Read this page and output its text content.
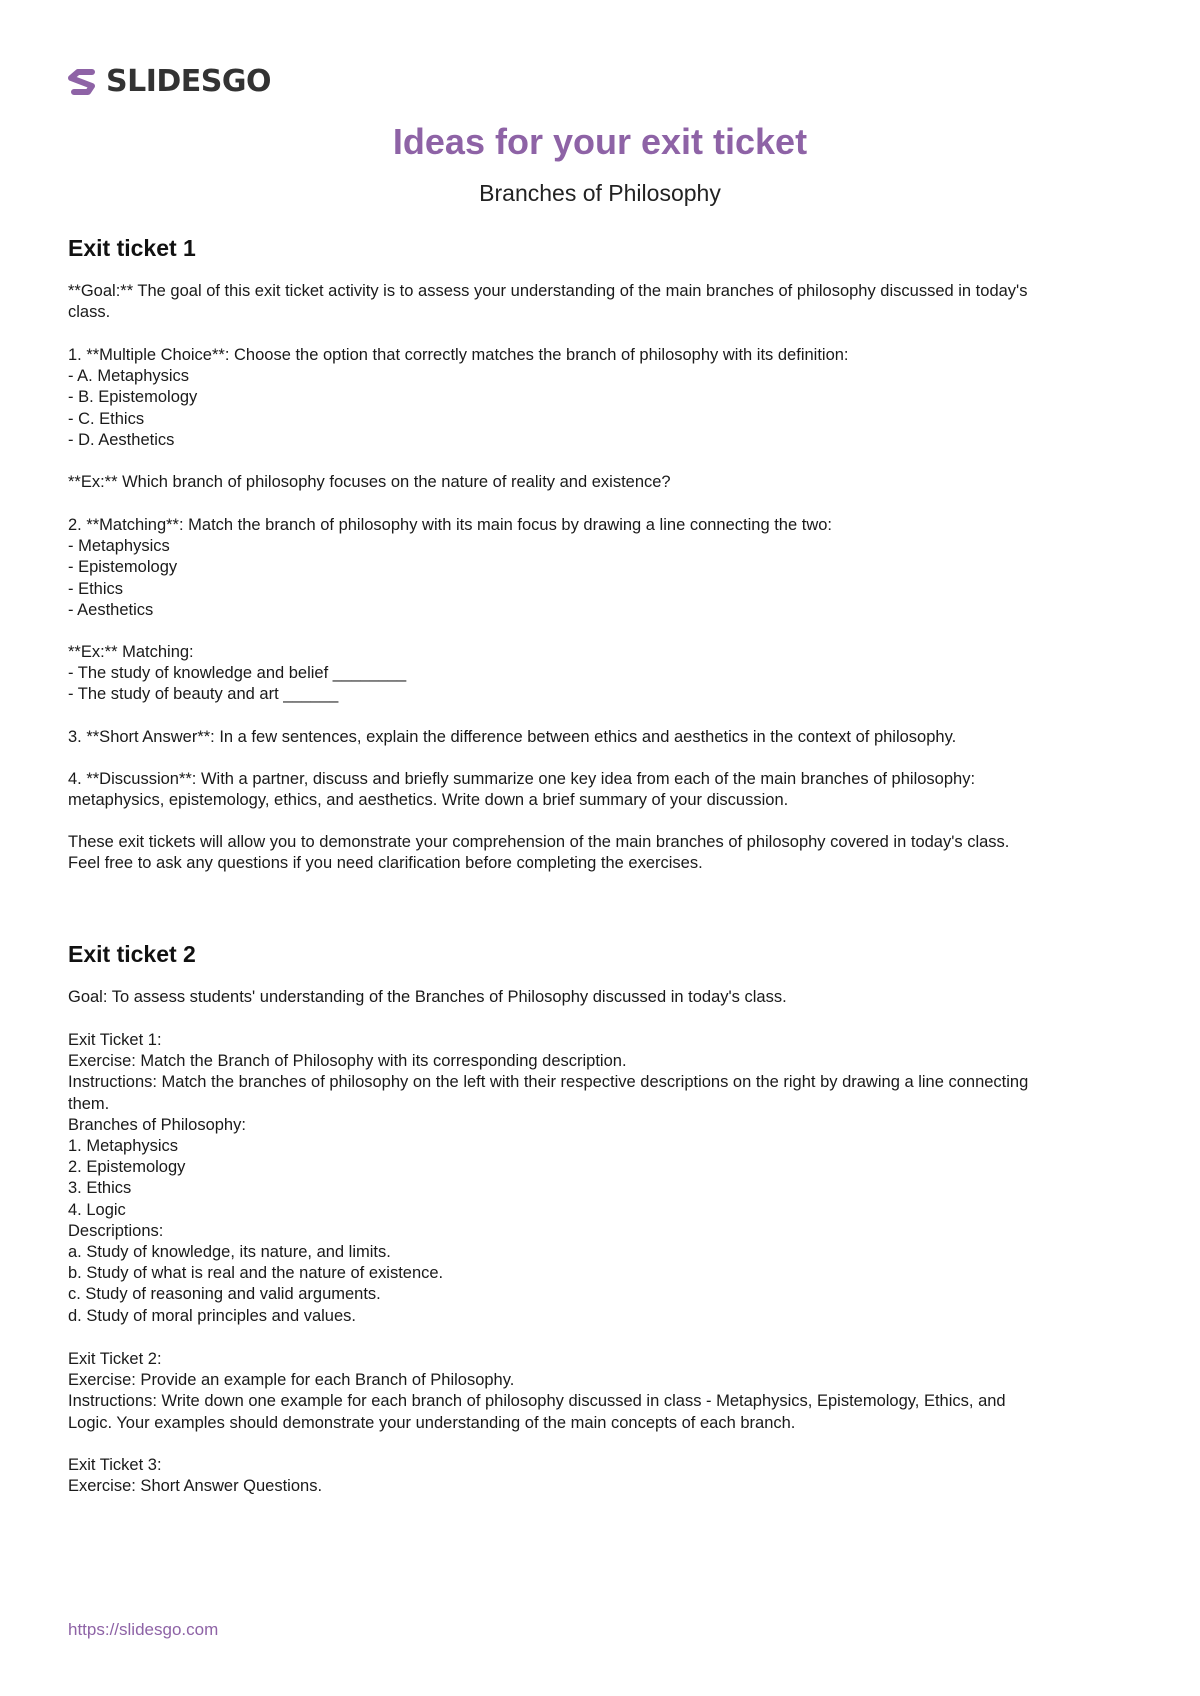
SLIDESGO
Ideas for your exit ticket
Branches of Philosophy
Exit ticket 1
**Goal:** The goal of this exit ticket activity is to assess your understanding of the main branches of philosophy discussed in today's
class.
1. **Multiple Choice**: Choose the option that correctly matches the branch of philosophy with its definition:
- A. Metaphysics
- B. Epistemology
- C. Ethics
- D. Aesthetics
**Ex:** Which branch of philosophy focuses on the nature of reality and existence?
2. **Matching**: Match the branch of philosophy with its main focus by drawing a line connecting the two:
- Metaphysics
- Epistemology
- Ethics
- Aesthetics
**Ex:** Matching:
- The study of knowledge and belief ________
- The study of beauty and art ______
3. **Short Answer**: In a few sentences, explain the difference between ethics and aesthetics in the context of philosophy.
4. **Discussion**: With a partner, discuss and briefly summarize one key idea from each of the main branches of philosophy:
metaphysics, epistemology, ethics, and aesthetics. Write down a brief summary of your discussion.
These exit tickets will allow you to demonstrate your comprehension of the main branches of philosophy covered in today's class.
Feel free to ask any questions if you need clarification before completing the exercises.
Exit ticket 2
Goal: To assess students' understanding of the Branches of Philosophy discussed in today's class.
Exit Ticket 1:
Exercise: Match the Branch of Philosophy with its corresponding description.
Instructions: Match the branches of philosophy on the left with their respective descriptions on the right by drawing a line connecting
them.
Branches of Philosophy:
1. Metaphysics
2. Epistemology
3. Ethics
4. Logic
Descriptions:
a. Study of knowledge, its nature, and limits.
b. Study of what is real and the nature of existence.
c. Study of reasoning and valid arguments.
d. Study of moral principles and values.
Exit Ticket 2:
Exercise: Provide an example for each Branch of Philosophy.
Instructions: Write down one example for each branch of philosophy discussed in class - Metaphysics, Epistemology, Ethics, and
Logic. Your examples should demonstrate your understanding of the main concepts of each branch.
Exit Ticket 3:
Exercise: Short Answer Questions.
https://slidesgo.com
